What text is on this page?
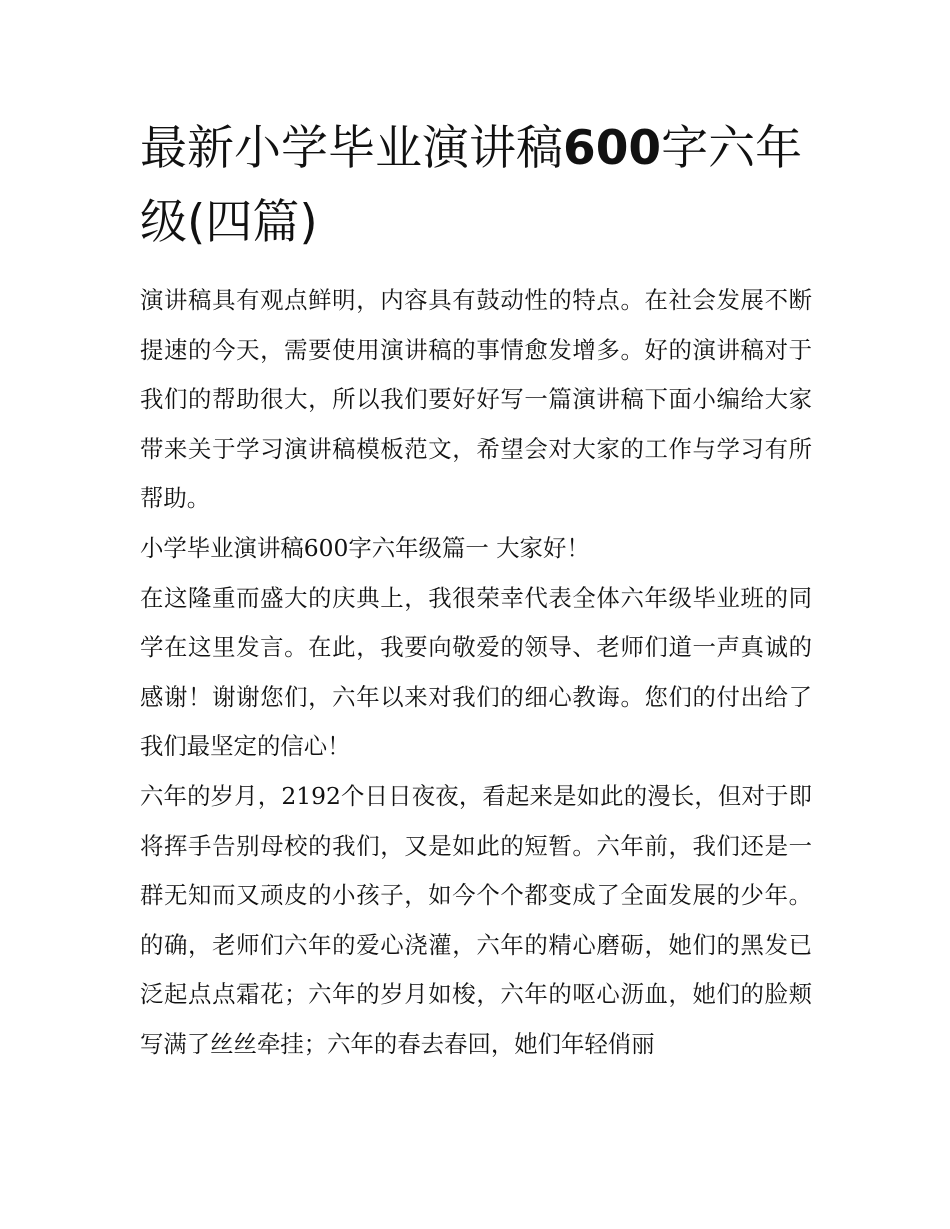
最新小学毕业演讲稿600字六年级(四篇)

演讲稿具有观点鲜明，内容具有鼓动性的特点。在社会发展不断提速的今天，需要使用演讲稿的事情愈发增多。好的演讲稿对于我们的帮助很大，所以我们要好好写一篇演讲稿下面小编给大家带来关于学习演讲稿模板范文，希望会对大家的工作与学习有所帮助。

小学毕业演讲稿600字六年级篇一 大家好！

在这隆重而盛大的庆典上，我很荣幸代表全体六年级毕业班的同学在这里发言。在此，我要向敬爱的领导、老师们道一声真诚的感谢！谢谢您们，六年以来对我们的细心教诲。您们的付出给了我们最坚定的信心！

六年的岁月，2192个日日夜夜，看起来是如此的漫长，但对于即将挥手告别母校的我们，又是如此的短暂。六年前，我们还是一群无知而又顽皮的小孩子，如今个个都变成了全面发展的少年。的确，老师们六年的爱心浇灌，六年的精心磨砺，她们的黑发已泛起点点霜花；六年的岁月如梭，六年的呕心沥血，她们的脸颊写满了丝丝牵挂；六年的春去春回，她们年轻俏丽
